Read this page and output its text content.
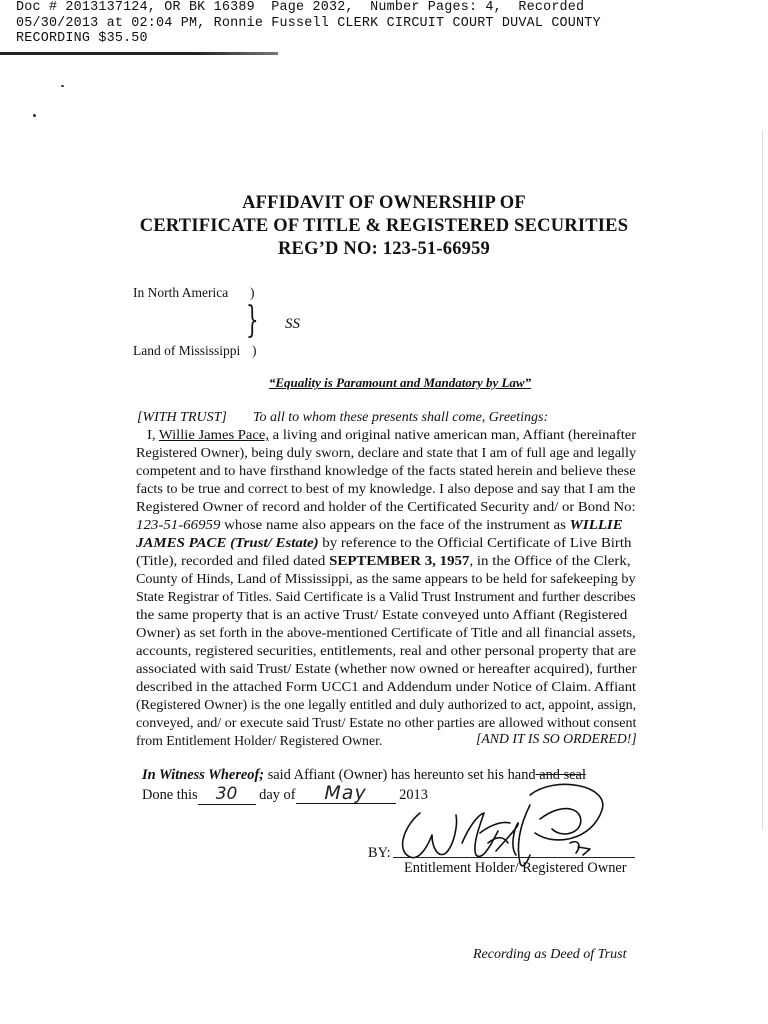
Doc # 2013137124, OR BK 16389  Page 2032,  Number Pages: 4,  Recorded
05/30/2013 at 02:04 PM, Ronnie Fussell CLERK CIRCUIT COURT DUVAL COUNTY
RECORDING $35.50
AFFIDAVIT OF OWNERSHIP OF
CERTIFICATE OF TITLE & REGISTERED SECURITIES
REG’D NO: 123-51-66959
In North America )
} SS
Land of Mississippi )
“Equality is Paramount and Mandatory by Law”
[WITH TRUST] To all to whom these presents shall come, Greetings:
I, Willie James Pace, a living and original native american man, Affiant (hereinafter
Registered Owner), being duly sworn, declare and state that I am of full age and legally
competent and to have firsthand knowledge of the facts stated herein and believe these
facts to be true and correct to best of my knowledge. I also depose and say that I am the
Registered Owner of record and holder of the Certificated Security and/ or Bond No:
123-51-66959 whose name also appears on the face of the instrument as WILLIE
JAMES PACE (Trust/ Estate) by reference to the Official Certificate of Live Birth
(Title), recorded and filed dated SEPTEMBER 3, 1957, in the Office of the Clerk,
County of Hinds, Land of Mississippi, as the same appears to be held for safekeeping by
State Registrar of Titles. Said Certificate is a Valid Trust Instrument and further describes
the same property that is an active Trust/ Estate conveyed unto Affiant (Registered
Owner) as set forth in the above-mentioned Certificate of Title and all financial assets,
accounts, registered securities, entitlements, real and other personal property that are
associated with said Trust/ Estate (whether now owned or hereafter acquired), further
described in the attached Form UCC1 and Addendum under Notice of Claim. Affiant
(Registered Owner) is the one legally entitled and duly authorized to act, appoint, assign,
conveyed, and/ or execute said Trust/ Estate no other parties are allowed without consent
from Entitlement Holder/ Registered Owner.	[AND IT IS SO ORDERED!]
In Witness Whereof; said Affiant (Owner) has hereunto set his hand and seal
Done this 30 day of May 2013
BY:
Entitlement Holder/ Registered Owner
Recording as Deed of Trust
